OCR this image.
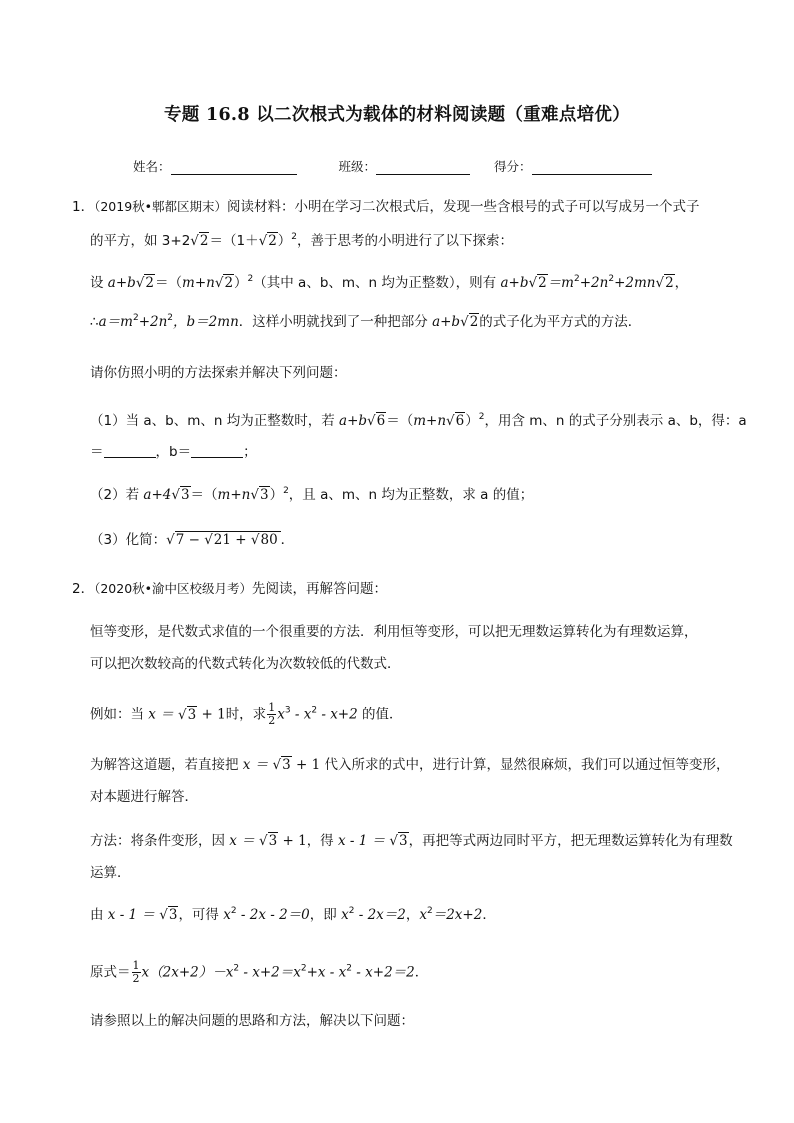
专题 16.8 以二次根式为载体的材料阅读题（重难点培优）
姓名：	班级：	得分：
1．（2019秋•郫都区期末）阅读材料：小明在学习二次根式后，发现一些含根号的式子可以写成另一个式子
的平方，如 $3+2√2=(1+√2)^2$，善于思考的小明进行了以下探索：
设 $a+b√2=(m+n√2)^2$（其中 a、b、m、n 均为正整数），则有 $a+b√2=m^2+2n^2+2mn√2$，
$\therefore a=m^2+2n^2$，b＝2mn．这样小明就找到了一种把部分 a+b√2的式子化为平方式的方法．
请你仿照小明的方法探索并解决下列问题：
（1）当 a、b、m、n 均为正整数时，若 $a+b√6=(m+n√6)^2$，用含 m、n 的式子分别表示 a、b，得：a
＝	，b＝	；
（2）若 $a+4√3=(m+n√3)^2$，且 a、m、n 均为正整数，求 a 的值；
（3）化简：√7 − √21 + √80 ．
2．（2020秋•渝中区校级月考）先阅读，再解答问题：
恒等变形，是代数式求值的一个很重要的方法．利用恒等变形，可以把无理数运算转化为有理数运算，
可以把次数较高的代数式转化为次数较低的代数式．
例如：当 x ＝ √3 + 1时，求 $\frac{1}{2} x^3 - x^2 - x+2$ 的值．
为解答这道题，若直接把 x ＝ √3 + 1 代入所求的式中，进行计算，显然很麻烦，我们可以通过恒等变形，
对本题进行解答．
方法：将条件变形，因 x ＝ √3 + 1，得 x - 1 ＝ √3，再把等式两边同时平方，把无理数运算转化为有理数
运算．
由 x - 1 ＝ √3，可得 $x^2 - 2x - 2=0$，即 $x^2 - 2x=2$，$x^2=2x+2$．
原式＝ $\frac{1}{2} x(2x+2)-x^2 - x+2=x^2+x - x^2 - x+2=2$．
请参照以上的解决问题的思路和方法，解决以下问题：
